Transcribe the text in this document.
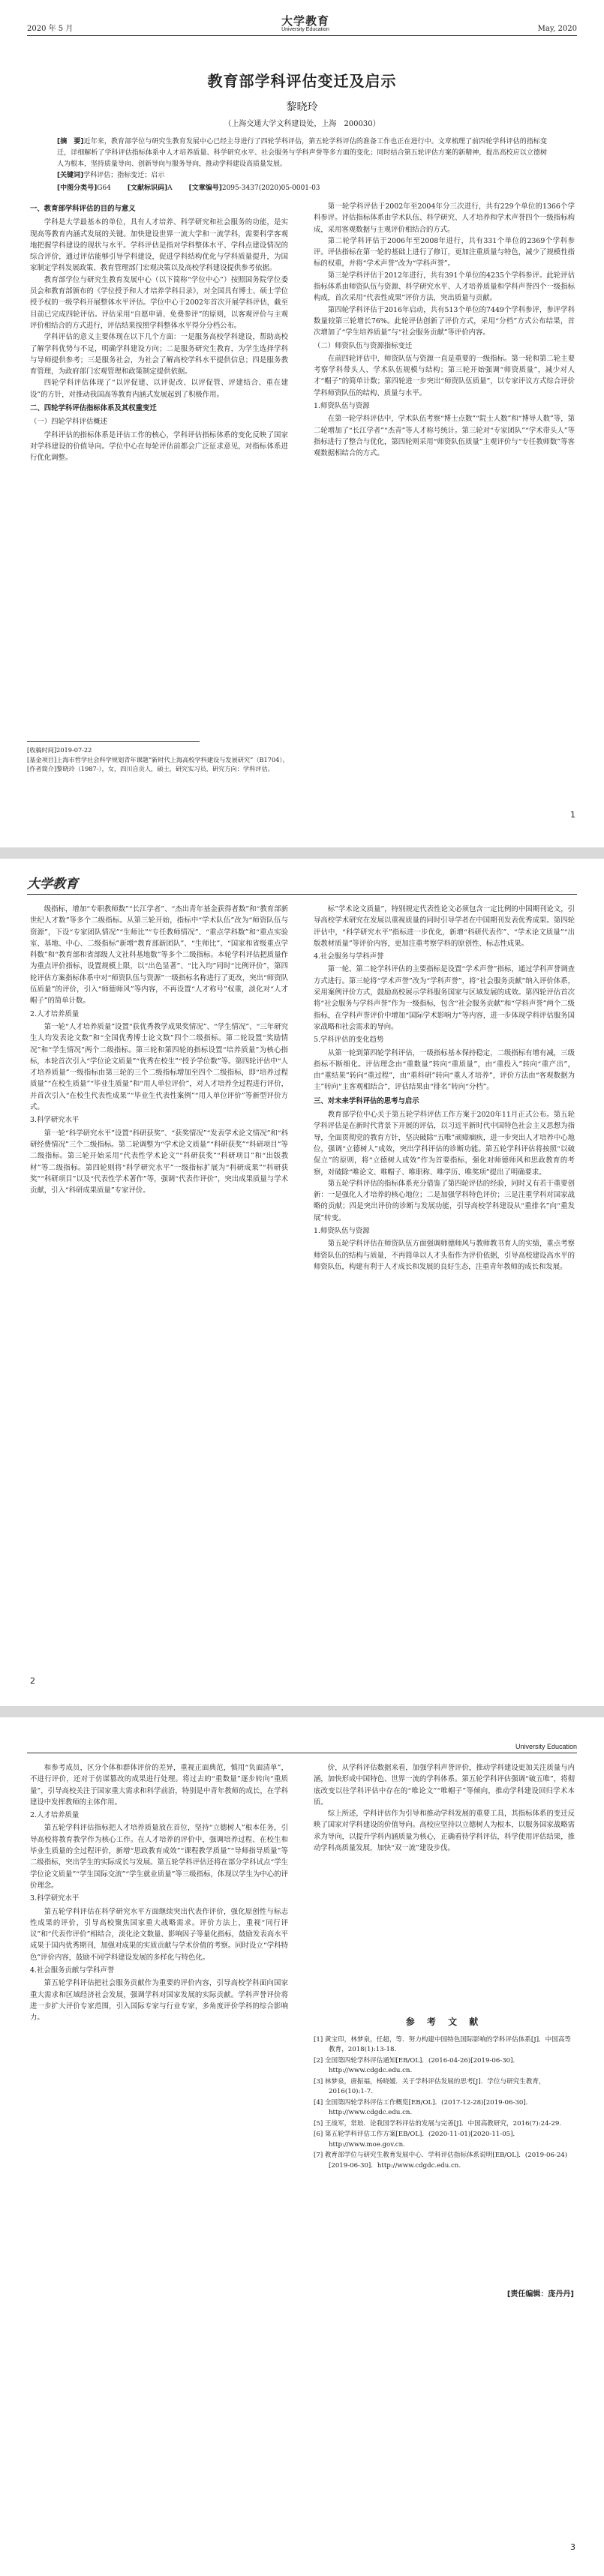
2020 年 5 月
大学教育
University Education	May, 2020
教育部学科评估变迁及启示
黎晓玲
（上海交通大学文科建设处，上海　200030）
[摘　要]近年来，教育部学位与研究生教育发展中心已经主导进行了四轮学科评估，第五轮学科评估的准备工作也正在进行中。文章梳理了前四轮学科评估的指标变迁，详细解析了学科评估指标体系中人才培养质量、科学研究水平、社会服务与学科声誉等多方面的变化；同时结合第五轮评估方案的新精神，提出高校应以立德树人为根本，坚持质量导向、创新导向与服务导向，推动学科建设高质量发展。
[关键词]学科评估；指标变迁；启示
[中图分类号]G64 [文献标识码]A [文章编号]2095-3437(2020)05-0001-03

一、教育部学科评估的目的与意义

学科是大学最基本的单位，具有人才培养、科学研究和社会服务的功能，是实现高等教育内涵式发展的关键。加快建设世界一流大学和一流学科，需要科学客观地把握学科建设的现状与水平。学科评估是指对学科整体水平、学科点建设情况的综合评价，通过评估能够引导学科建设，促进学科结构优化与学科质量提升，为国家制定学科发展政策、教育管理部门宏观决策以及高校学科建设提供参考依据。

教育部学位与研究生教育发展中心（以下简称“学位中心”）按照国务院学位委员会和教育部颁布的《学位授予和人才培养学科目录》，对全国具有博士、硕士学位授予权的一级学科开展整体水平评估。学位中心于2002年首次开展学科评估，截至目前已完成四轮评估。评估采用“自愿申请、免费参评”的原则，以客观评价与主观评价相结合的方式进行，评估结果按照学科整体水平得分分档公布。

学科评估的意义主要体现在以下几个方面：一是服务高校学科建设，帮助高校了解学科优势与不足，明确学科建设方向；二是服务研究生教育，为学生选择学科与导师提供参考；三是服务社会，为社会了解高校学科水平提供信息；四是服务教育管理，为政府部门宏观管理和政策制定提供依据。

四轮学科评估体现了“以评促建、以评促改、以评促管、评建结合、重在建设”的方针，对推动我国高等教育内涵式发展起到了积极作用。

二、四轮学科评估指标体系及其权重变迁

（一）四轮学科评估概述

学科评估的指标体系是评估工作的核心，学科评估指标体系的变化反映了国家对学科建设的价值导向。学位中心在每轮评估前都会广泛征求意见，对指标体系进行优化调整。

第一轮学科评估于2002年至2004年分三次进行，共有229个单位的1366个学科参评。评估指标体系由学术队伍、科学研究、人才培养和学术声誉四个一级指标构成，采用客观数据与主观评价相结合的方式。

第二轮学科评估于2006年至2008年进行，共有331个单位的2369个学科参评。评估指标在第一轮的基础上进行了修订，更加注重质量与特色，减少了规模性指标的权重，并将“学术声誉”改为“学科声誉”。

第三轮学科评估于2012年进行，共有391个单位的4235个学科参评。此轮评估指标体系由师资队伍与资源、科学研究水平、人才培养质量和学科声誉四个一级指标构成，首次采用“代表性成果”评价方法，突出质量与贡献。

第四轮学科评估于2016年启动，共有513个单位的7449个学科参评，参评学科数量较第三轮增长76%。此轮评估创新了评价方式，采用“分档”方式公布结果，首次增加了“学生培养质量”与“社会服务贡献”等评价内容。

（二）师资队伍与资源指标变迁

在前四轮评估中，师资队伍与资源一直是重要的一级指标。第一轮和第二轮主要考察学科带头人、学术队伍规模与结构；第三轮开始强调“师资质量”，减少对人才“帽子”的简单计数；第四轮进一步突出“师资队伍质量”，以专家评议方式综合评价学科师资队伍的结构、质量与水平。

1.师资队伍与资源

在第一轮学科评估中，学术队伍考察“博士点数”“院士人数”和“博导人数”等，第二轮增加了“长江学者”“杰青”等人才称号统计。第三轮对“专家团队”“学术带头人”等指标进行了整合与优化，第四轮则采用“师资队伍质量”主观评价与“专任教师数”等客观数据相结合的方式。

[收稿时间]2019-07-22

[基金项目]上海市哲学社会科学规划青年课题“新时代上海高校学科建设与发展研究”（B1704）。

[作者简介]黎晓玲（1987-），女，四川自贡人，硕士，研究实习员，研究方向：学科评估。

1
大学教育

级指标，增加“专职教师数”“长江学者”、“杰出青年基金获得者数”和“教育部新世纪人才数”等多个二级指标。从第三轮开始，指标中“学术队伍”改为“师资队伍与资源”，下设“专家团队情况”“生师比”“专任教师情况”、“重点学科数”和“重点实验室、基地、中心、二级指标”新增“教育部新团队”、“生师比”、“国家和省级重点学科数”和“教育部和省部级人文社科基地数”等多个二级指标。本轮学科评估把质量作为重点评价指标，设置规模上限，以“出色显著”、“比入均”同时“比例评价”，第四轮评估方案指标体系中对“师资队伍与资源”一级指标名称进行了更改，突出“师资队伍质量”的评价，引入“师德师风”等内容，不再设置“人才称号”权重，淡化对“人才帽子”的简单计数。

2.人才培养质量

第一轮“人才培养质量”设置“获优秀教学成果奖情况”、“学生情况”、“三年研究生人均发表论文数”和“全国优秀博士论文数”四个二级指标。第二轮设置“奖励情况”和“学生情况”两个二级指标。第三轮和第四轮的指标设置“培养质量”为核心指标，本轮首次引入“学位论文质量”“优秀在校生”“授予学位数”等。第四轮评估中“人才培养质量”一级指标由第三轮的三个二级指标增加至四个二级指标，即“培养过程质量”“在校生质量”“毕业生质量”和“用人单位评价”，对人才培养全过程进行评价，并首次引入“在校生代表性成果”“毕业生代表性案例”“用人单位评价”等新型评价方式。

3.科学研究水平

第一轮“科学研究水平”设置“科研获奖”、“获奖情况”“发表学术论文情况”和“科研经费情况”三个二级指标。第二轮调整为“学术论文质量”“科研获奖”“科研项目”等二级指标。第三轮开始采用“代表性学术论文”“科研获奖”“科研项目”和“出版教材”等二级指标。第四轮则将“科学研究水平”一级指标扩展为“科研成果”“科研获奖”“科研项目”以及“代表性学术著作”等，强调“代表作评价”，突出成果质量与学术贡献，引入“科研成果质量”专家评价。

标”学术论文质量”，特别规定代表性论文必须包含一定比例的中国期刊论文，引导高校学术研究在发展以重视质量的同时引导学者在中国期刊发表优秀成果。第四轮评估中，“科学研究水平”指标进一步优化，新增“科研代表作”、“学术论文质量”“出版教材质量”等评价内容，更加注重考察学科的原创性、标志性成果。

4.社会服务与学科声誉

第一轮、第二轮学科评估的主要指标是设置“学术声誉”指标，通过学科声誉调查方式进行。第三轮将“学术声誉”改为“学科声誉”，将“社会服务贡献”纳入评价体系，采用案例评价方式，鼓励高校展示学科服务国家与区域发展的成效。第四轮评估首次将“社会服务与学科声誉”作为一级指标，包含“社会服务贡献”和“学科声誉”两个二级指标，在学科声誉评价中增加“国际学术影响力”等内容，进一步体现学科评估服务国家战略和社会需求的导向。

5.学科评估的变化趋势

从第一轮到第四轮学科评估，一级指标基本保持稳定，二级指标有增有减，三级指标不断细化。评估理念由“重数量”转向“重质量”，由“重投入”转向“重产出”，由“重结果”转向“重过程”，由“重科研”转向“重人才培养”，评价方法由“客观数据为主”转向“主客观相结合”，评估结果由“排名”转向“分档”。

三、对未来学科评估的思考与启示

教育部学位中心关于第五轮学科评估工作方案于2020年11月正式公布。第五轮学科评估是在新时代背景下开展的评估，以习近平新时代中国特色社会主义思想为指导，全面贯彻党的教育方针，坚决破除“五唯”顽瘴痼疾，进一步突出人才培养中心地位，强调“立德树人”成效，突出学科评估的诊断功能。第五轮学科评估将按照“以破促立”的原则，将“立德树人成效”作为首要指标，强化对师德师风和思政教育的考察，对破除“唯论文、唯帽子、唯职称、唯学历、唯奖项”提出了明确要求。

第五轮学科评估的指标体系充分借鉴了第四轮评估的经验，同时又有若干重要创新：一是强化人才培养的核心地位；二是加强学科特色评价；三是注重学科对国家战略的贡献；四是突出评价的诊断与发展功能，引导高校学科建设从“重排名”向“重发展”转变。

1.师资队伍与资源

第五轮学科评估在师资队伍方面强调师德师风与教师教书育人的实绩，重点考察师资队伍的结构与质量，不再简单以人才头衔作为评价依据，引导高校建设高水平的师资队伍，构建有利于人才成长和发展的良好生态，注重青年教师的成长和发展。

2
University Education

和参考成员，区分个体和群体评价的差异，重视正面典范，慎用“负面清单”，不进行评价，还对于仿谋篡改的成果进行处理。将过去的“重数量”逐步转向“重质量”，引导高校关注于国家重大需求和科学前沿，特别是中青年教师的成长，在学科建设中发挥教师的主体作用。

2.人才培养质量

第五轮学科评估指标把人才培养质量放在首位，坚持“立德树人”根本任务，引导高校将教育教学作为核心工作。在人才培养的评价中，强调培养过程、在校生和毕业生质量的全过程评价，新增“思政教育成效”“课程教学质量”“导师指导质量”等二级指标，突出学生的实际成长与发展。第五轮学科评估还将在部分学科试点“学生学位论文质量”“学生国际交流”“学生就业质量”等三级指标，体现以学生为中心的评价理念。

3.科学研究水平

第五轮学科评估在科学研究水平方面继续突出代表作评价，强化原创性与标志性成果的评价，引导高校聚焦国家重大战略需求。评价方法上，重视“同行评议”和“代表作评价”相结合，淡化论文数量、影响因子等量化指标，鼓励发表高水平成果于国内优秀期刊，加强对成果的实质贡献与学术价值的考察。同时设立“学科特色”评价内容，鼓励不同学科建设发展的多样化与特色化。

4.社会服务贡献与学科声誉

第五轮学科评估把社会服务贡献作为重要的评价内容，引导高校学科面向国家重大需求和区域经济社会发展，强调学科对国家发展的实际贡献。学科声誉评价将进一步扩大评价专家范围，引入国际专家与行业专家，多角度评价学科的综合影响力。

价，从学科评估数据来看，加强学科声誉评价，推动学科建设更加关注质量与内涵，加快形成中国特色、世界一流的学科体系。第五轮学科评估强调“破五唯”，将彻底改变以往学科评估中存在的“唯论文”“唯帽子”等倾向，推动学科建设回归学术本质。

综上所述，学科评估作为引导和推动学科发展的重要工具，其指标体系的变迁反映了国家对学科建设的价值导向。高校应坚持以立德树人为根本，以服务国家战略需求为导向，以提升学科内涵质量为核心，正确看待学科评估，科学使用评估结果，推动学科高质量发展，加快“双一流”建设步伐。

参 考 文 献

[1] 黄宝印，林梦泉，任超，等．努力构建中国特色国际影响的学科评估体系[J]．中国高等教育，2018(1):13-18.

[2] 全国第四轮学科评估通知[EB/OL]．(2016-04-26)[2019-06-30]．http://www.cdgdc.edu.cn.

[3] 林梦泉，唐振福，杨晓媛．关于学科评估发展的思考[J]．学位与研究生教育，2016(10):1-7.

[4] 全国第四轮学科评估工作概览[EB/OL]．(2017-12-28)[2019-06-30]．http://www.cdgdc.edu.cn.

[5] 王战军，常琅．论我国学科评估的发展与完善[J]．中国高教研究，2016(7):24-29.

[6] 第五轮学科评估工作方案[EB/OL]．(2020-11-01)[2020-11-05]．http://www.moe.gov.cn.

[7] 教育部学位与研究生教育发展中心．学科评估指标体系说明[EB/OL]．(2019-06-24)[2019-06-30]．http://www.cdgdc.edu.cn.

[责任编辑：庞丹丹]
3
